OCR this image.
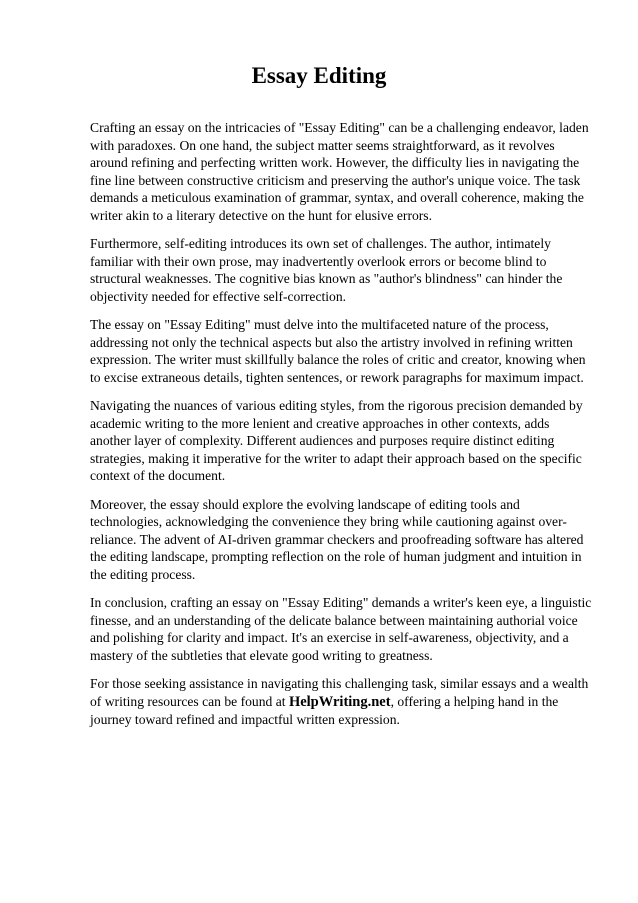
Essay Editing

Crafting an essay on the intricacies of "Essay Editing" can be a challenging endeavor, laden with paradoxes. On one hand, the subject matter seems straightforward, as it revolves around refining and perfecting written work. However, the difficulty lies in navigating the fine line between constructive criticism and preserving the author's unique voice. The task demands a meticulous examination of grammar, syntax, and overall coherence, making the writer akin to a literary detective on the hunt for elusive errors.

Furthermore, self-editing introduces its own set of challenges. The author, intimately familiar with their own prose, may inadvertently overlook errors or become blind to structural weaknesses. The cognitive bias known as "author's blindness" can hinder the objectivity needed for effective self-correction.

The essay on "Essay Editing" must delve into the multifaceted nature of the process, addressing not only the technical aspects but also the artistry involved in refining written expression. The writer must skillfully balance the roles of critic and creator, knowing when to excise extraneous details, tighten sentences, or rework paragraphs for maximum impact.

Navigating the nuances of various editing styles, from the rigorous precision demanded by academic writing to the more lenient and creative approaches in other contexts, adds another layer of complexity. Different audiences and purposes require distinct editing strategies, making it imperative for the writer to adapt their approach based on the specific context of the document.

Moreover, the essay should explore the evolving landscape of editing tools and technologies, acknowledging the convenience they bring while cautioning against over-reliance. The advent of AI-driven grammar checkers and proofreading software has altered the editing landscape, prompting reflection on the role of human judgment and intuition in the editing process.

In conclusion, crafting an essay on "Essay Editing" demands a writer's keen eye, a linguistic finesse, and an understanding of the delicate balance between maintaining authorial voice and polishing for clarity and impact. It's an exercise in self-awareness, objectivity, and a mastery of the subtleties that elevate good writing to greatness.

For those seeking assistance in navigating this challenging task, similar essays and a wealth of writing resources can be found at HelpWriting.net, offering a helping hand in the journey toward refined and impactful written expression.
